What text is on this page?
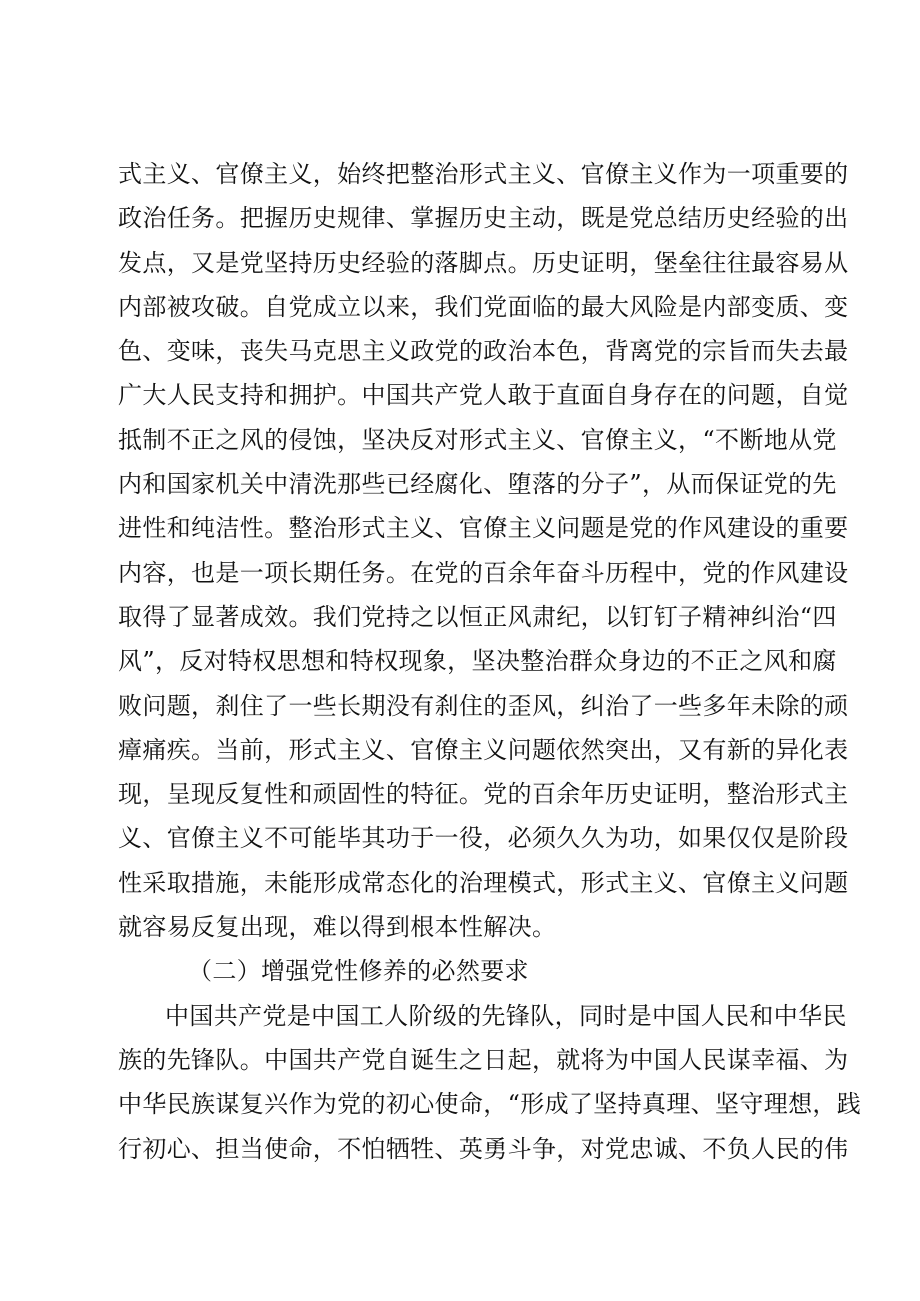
式主义、官僚主义，始终把整治形式主义、官僚主义作为一项重要的
政治任务。把握历史规律、掌握历史主动，既是党总结历史经验的出
发点，又是党坚持历史经验的落脚点。历史证明，堡垒往往最容易从
内部被攻破。自党成立以来，我们党面临的最大风险是内部变质、变
色、变味，丧失马克思主义政党的政治本色，背离党的宗旨而失去最
广大人民支持和拥护。中国共产党人敢于直面自身存在的问题，自觉
抵制不正之风的侵蚀，坚决反对形式主义、官僚主义，“不断地从党
内和国家机关中清洗那些已经腐化、堕落的分子”，从而保证党的先
进性和纯洁性。整治形式主义、官僚主义问题是党的作风建设的重要
内容，也是一项长期任务。在党的百余年奋斗历程中，党的作风建设
取得了显著成效。我们党持之以恒正风肃纪，以钉钉子精神纠治“四
风”，反对特权思想和特权现象，坚决整治群众身边的不正之风和腐
败问题，刹住了一些长期没有刹住的歪风，纠治了一些多年未除的顽
瘴痛疾。当前，形式主义、官僚主义问题依然突出，又有新的异化表
现，呈现反复性和顽固性的特征。党的百余年历史证明，整治形式主
义、官僚主义不可能毕其功于一役，必须久久为功，如果仅仅是阶段
性采取措施，未能形成常态化的治理模式，形式主义、官僚主义问题
就容易反复出现，难以得到根本性解决。
（二）增强党性修养的必然要求
中国共产党是中国工人阶级的先锋队，同时是中国人民和中华民
族的先锋队。中国共产党自诞生之日起，就将为中国人民谋幸福、为
中华民族谋复兴作为党的初心使命，“形成了坚持真理、坚守理想，践
行初心、担当使命，不怕牺牲、英勇斗争，对党忠诚、不负人民的伟
